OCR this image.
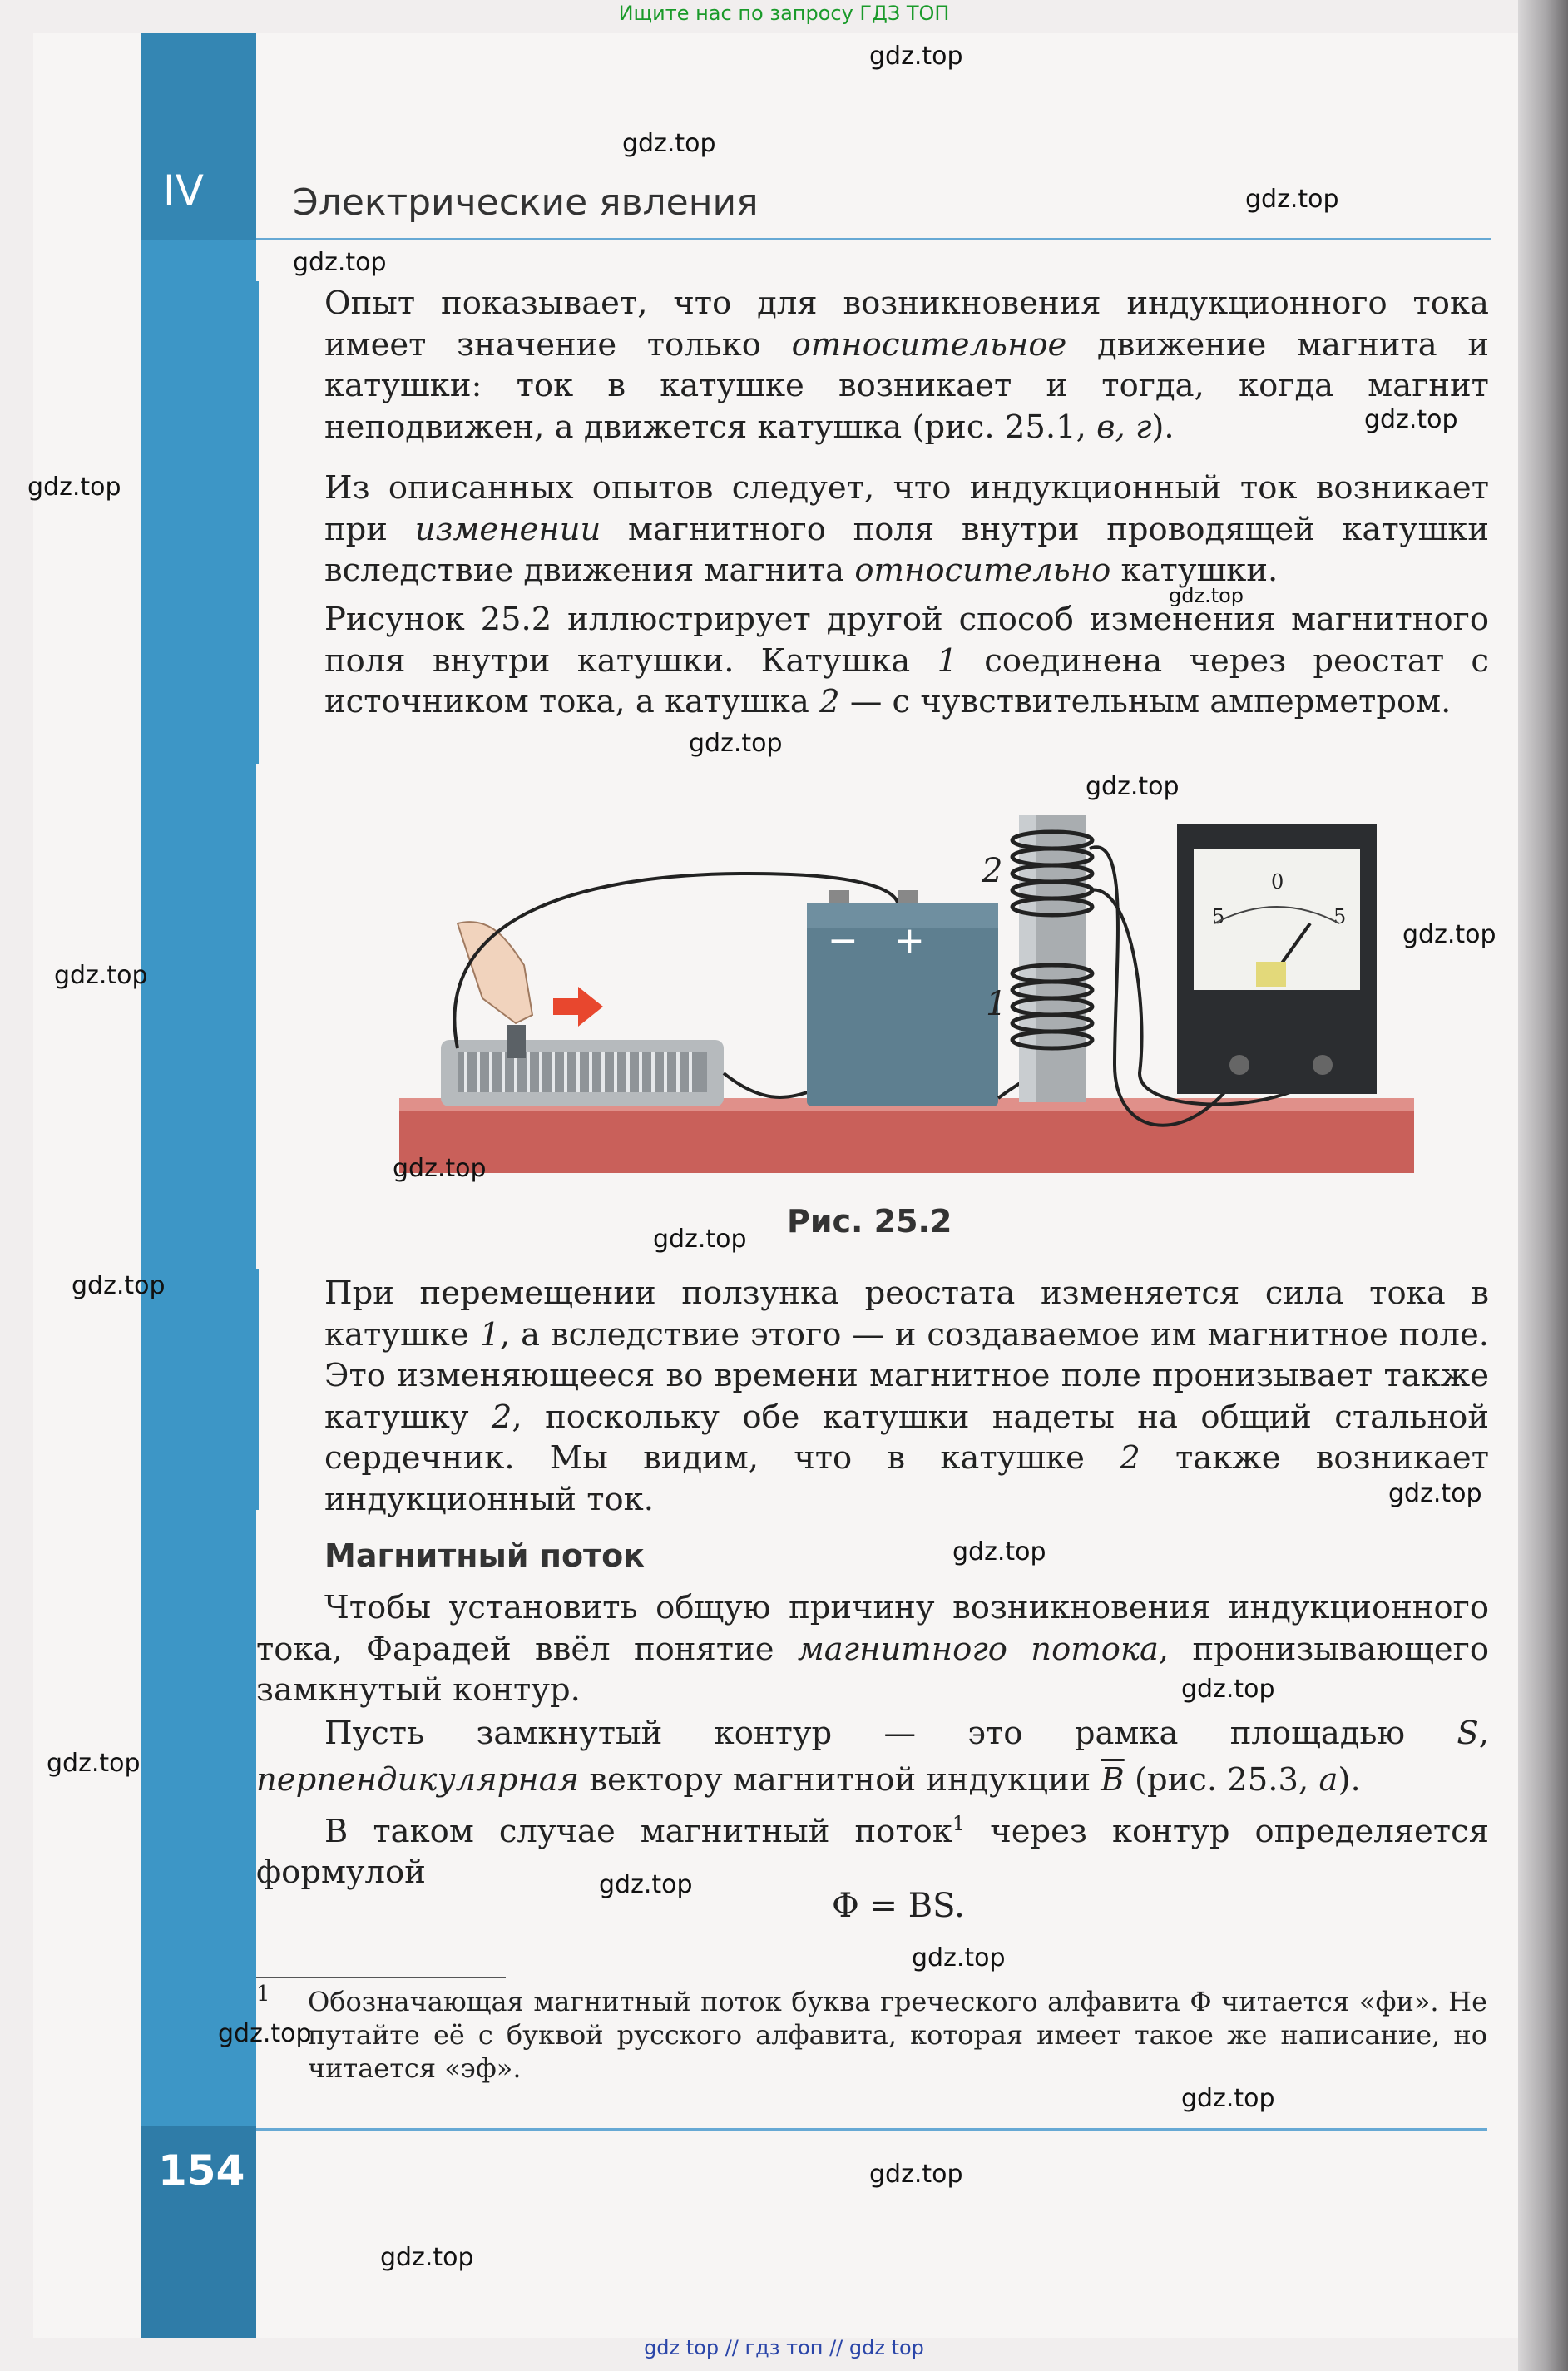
Ищите нас по запросу ГДЗ ТОП
IV Электрические явления

Опыт показывает, что для возникновения индукционного тока имеет значение только относительное движение магнита и катушки: ток в катушке возникает и тогда, когда магнит неподвижен, а движется катушка (рис. 25.1, в, г).

Из описанных опытов следует, что индукционный ток возникает при изменении магнитного поля внутри проводящей катушки вследствие движения магнита относительно катушки.

Рисунок 25.2 иллюстрирует другой способ изменения магнитного поля внутри катушки. Катушка 1 соединена через реостат с источником тока, а катушка 2 — с чувствительным амперметром.

− +
2
1
5
0
5
Рис. 25.2

При перемещении ползунка реостата изменяется сила тока в катушке 1, а вследствие этого — и создаваемое им магнитное поле. Это изменяющееся во времени магнитное поле пронизывает также катушку 2, поскольку обе катушки надеты на общий стальной сердечник. Мы видим, что в катушке 2 также возникает индукционный ток.

Магнитный поток

Чтобы установить общую причину возникновения индукционного тока, Фарадей ввёл понятие магнитного потока, пронизывающего замкнутый контур.

Пусть замкнутый контур — это рамка площадью S, перпендикулярная вектору магнитной индукции $\overline{B}$ (рис. 25.3, а).

В таком случае магнитный поток$^1$ через контур определяется формулой

Φ = BS.
1 Обозначающая магнитный поток буква греческого алфавита Φ читается «фи». Не путайте её с буквой русского алфавита, которая имеет такое же написание, но читается «эф».

154
gdz.top
gdz.top
gdz.top
gdz.top
gdz.top
gdz.top
gdz.top
gdz.top
gdz.top
gdz.top
gdz.top
gdz.top
gdz.top
gdz.top
gdz.top
gdz.top
gdz.top
gdz.top
gdz.top
gdz.top
gdz.top
gdz.top
gdz.top
gdz.top
gdz top // гдз топ // gdz top
